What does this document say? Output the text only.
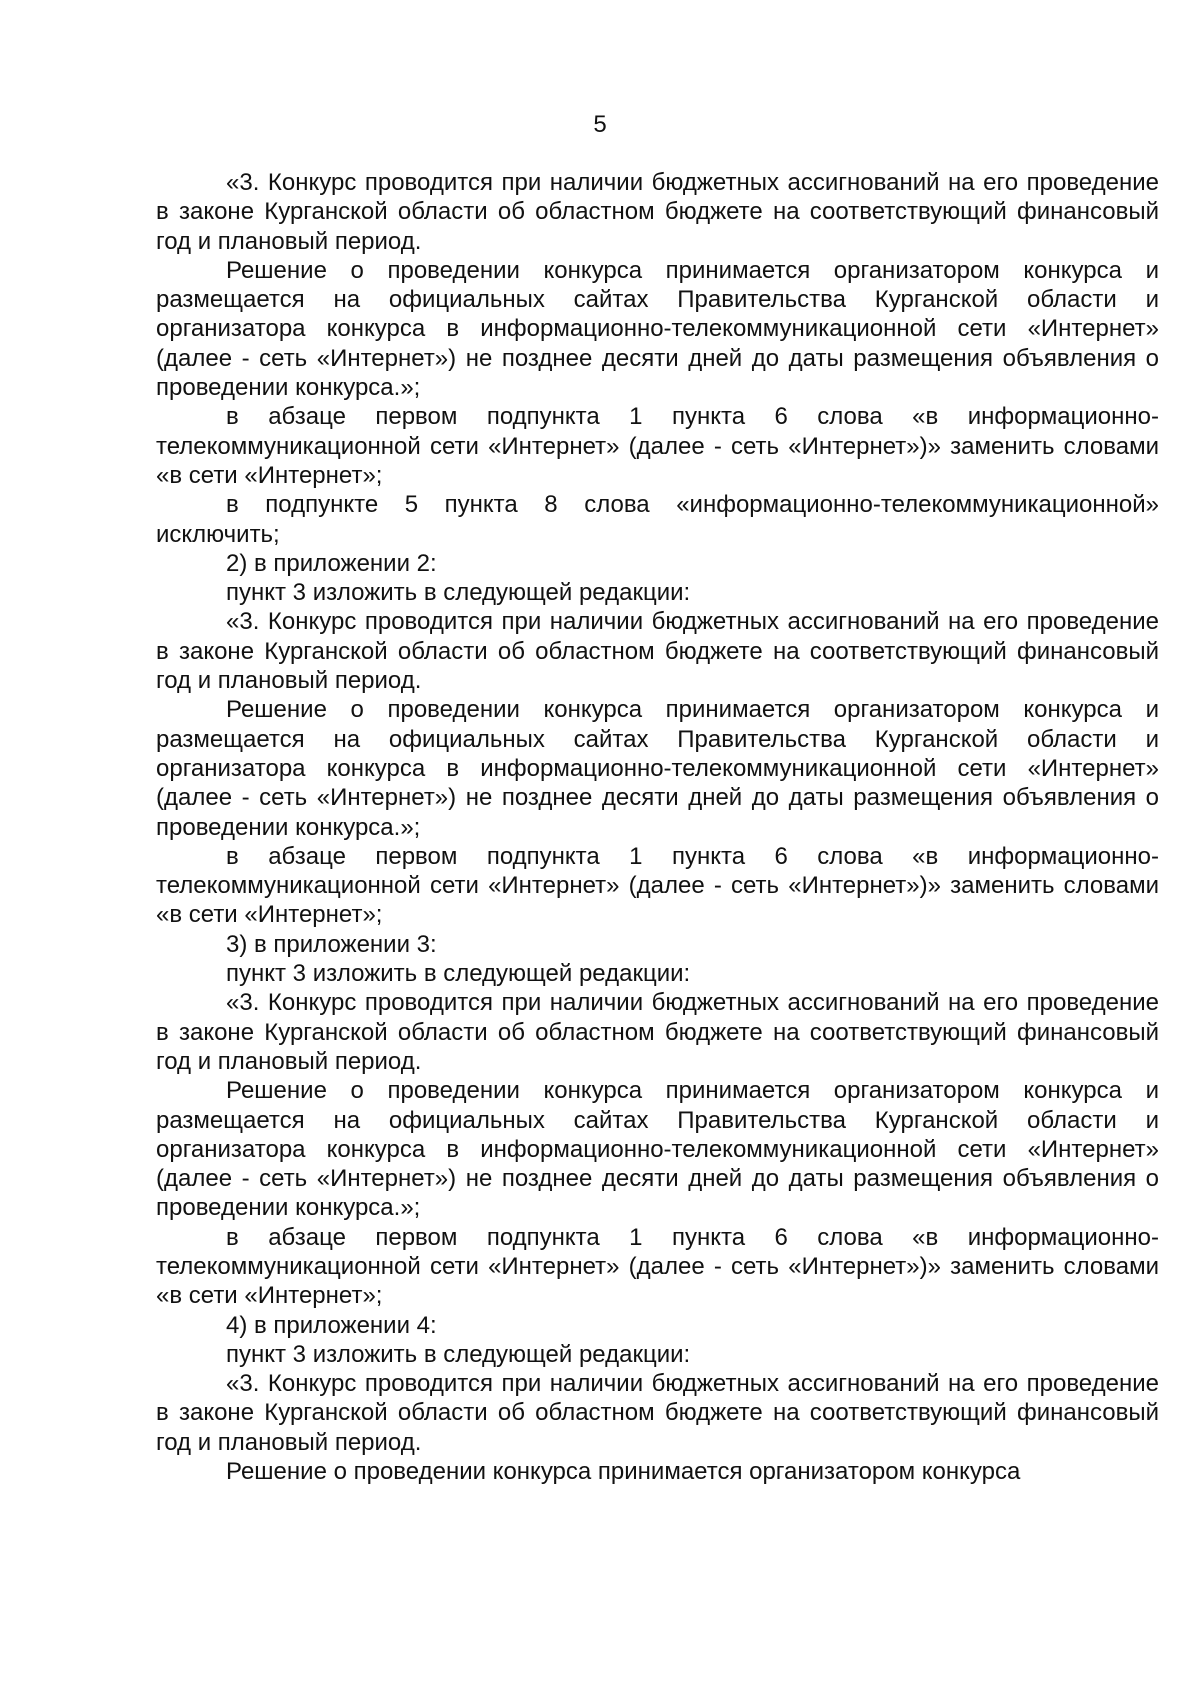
5

«3. Конкурс проводится при наличии бюджетных ассигнований на его проведение в законе Курганской области об областном бюджете на соответствующий финансовый год и плановый период.

Решение о проведении конкурса принимается организатором конкурса и размещается на официальных сайтах Правительства Курганской области и организатора конкурса в информационно-телекоммуникационной сети «Интернет» (далее - сеть «Интернет») не позднее десяти дней до даты размещения объявления о проведении конкурса.»;

в абзаце первом подпункта 1 пункта 6 слова «в информационно-телекоммуникационной сети «Интернет» (далее - сеть «Интернет»)» заменить словами «в сети «Интернет»;

в подпункте 5 пункта 8 слова «информационно-телекоммуникационной» исключить;

2) в приложении 2:

пункт 3 изложить в следующей редакции:

«3. Конкурс проводится при наличии бюджетных ассигнований на его проведение в законе Курганской области об областном бюджете на соответствующий финансовый год и плановый период.

Решение о проведении конкурса принимается организатором конкурса и размещается на официальных сайтах Правительства Курганской области и организатора конкурса в информационно-телекоммуникационной сети «Интернет» (далее - сеть «Интернет») не позднее десяти дней до даты размещения объявления о проведении конкурса.»;

в абзаце первом подпункта 1 пункта 6 слова «в информационно-телекоммуникационной сети «Интернет» (далее - сеть «Интернет»)» заменить словами «в сети «Интернет»;

3) в приложении 3:

пункт 3 изложить в следующей редакции:

«3. Конкурс проводится при наличии бюджетных ассигнований на его проведение в законе Курганской области об областном бюджете на соответствующий финансовый год и плановый период.

Решение о проведении конкурса принимается организатором конкурса и размещается на официальных сайтах Правительства Курганской области и организатора конкурса в информационно-телекоммуникационной сети «Интернет» (далее - сеть «Интернет») не позднее десяти дней до даты размещения объявления о проведении конкурса.»;

в абзаце первом подпункта 1 пункта 6 слова «в информационно-телекоммуникационной сети «Интернет» (далее - сеть «Интернет»)» заменить словами «в сети «Интернет»;

4) в приложении 4:

пункт 3 изложить в следующей редакции:

«3. Конкурс проводится при наличии бюджетных ассигнований на его проведение в законе Курганской области об областном бюджете на соответствующий финансовый год и плановый период.

Решение о проведении конкурса принимается организатором конкурса
